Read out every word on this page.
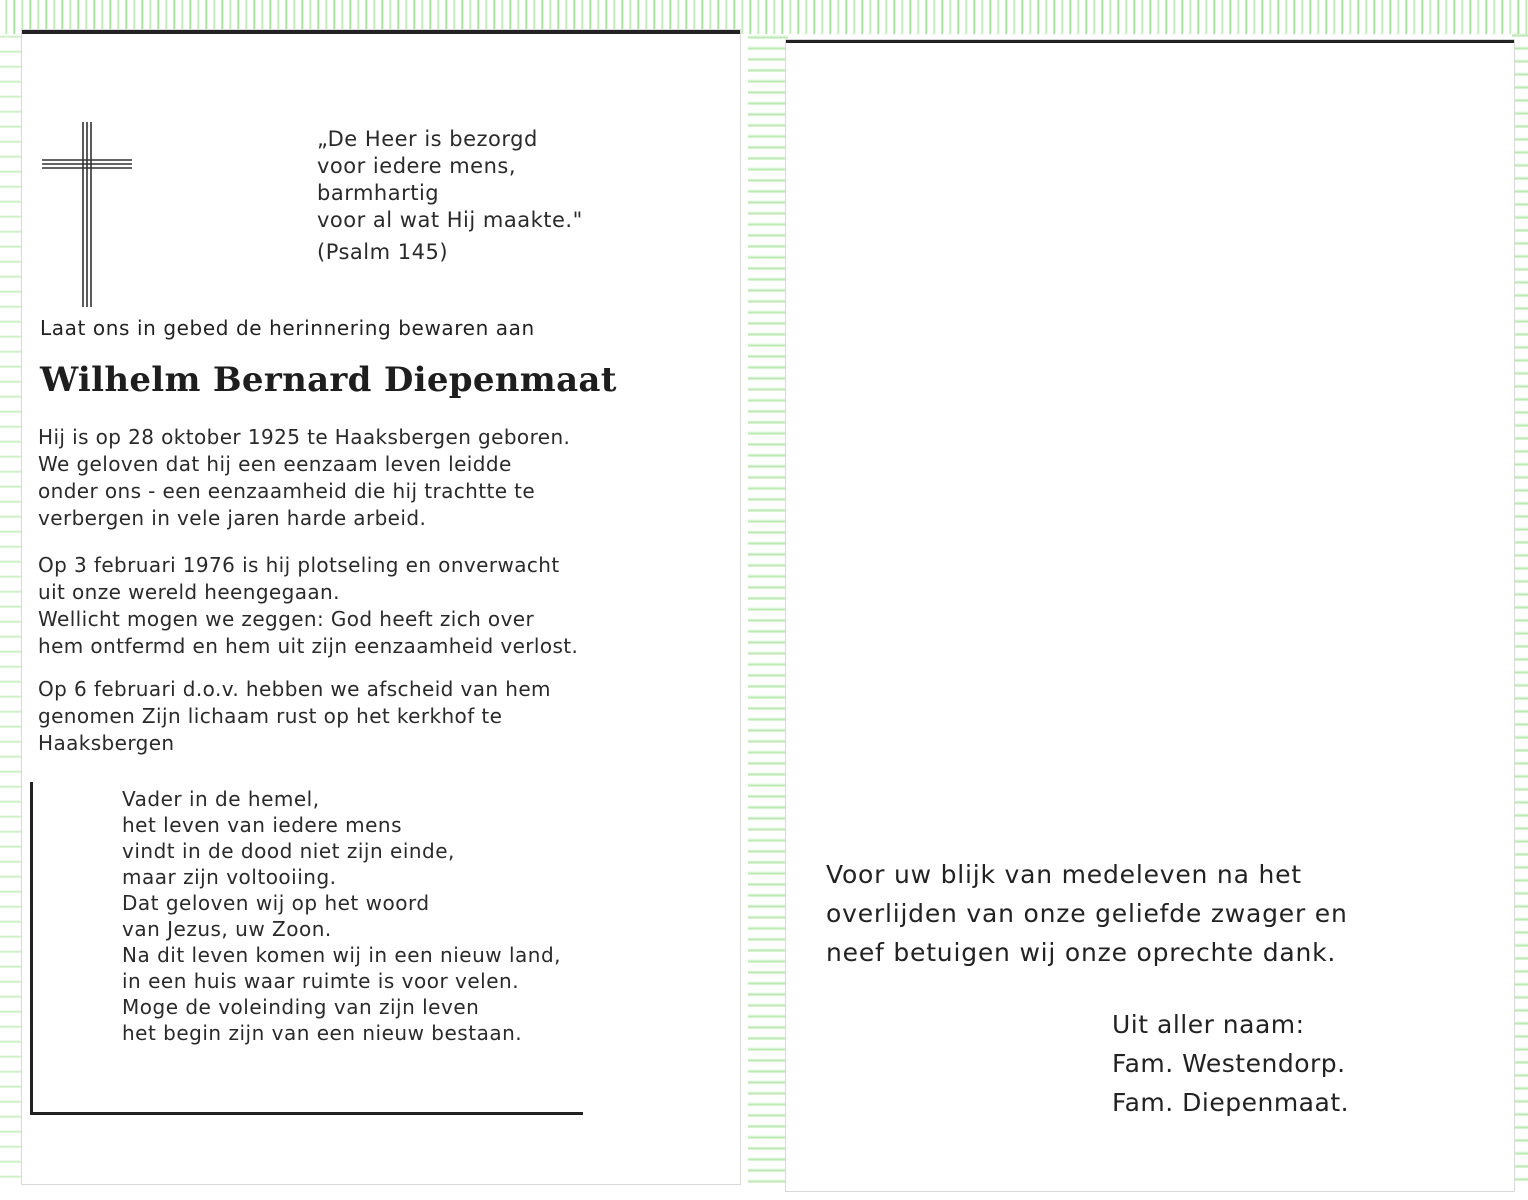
„De Heer is bezorgd
voor iedere mens,
barmhartig
voor al wat Hij maakte."
(Psalm 145)
Laat ons in gebed de herinnering bewaren aan
Wilhelm Bernard Diepenmaat
Hij is op 28 oktober 1925 te Haaksbergen geboren.
We geloven dat hij een eenzaam leven leidde
onder ons - een eenzaamheid die hij trachtte te
verbergen in vele jaren harde arbeid.
Op 3 februari 1976 is hij plotseling en onverwacht
uit onze wereld heengegaan.
Wellicht mogen we zeggen: God heeft zich over
hem ontfermd en hem uit zijn eenzaamheid verlost.
Op 6 februari d.o.v. hebben we afscheid van hem
genomen Zijn lichaam rust op het kerkhof te
Haaksbergen
Vader in de hemel,
het leven van iedere mens
vindt in de dood niet zijn einde,
maar zijn voltooiing.
Dat geloven wij op het woord
van Jezus, uw Zoon.
Na dit leven komen wij in een nieuw land,
in een huis waar ruimte is voor velen.
Moge de voleinding van zijn leven
het begin zijn van een nieuw bestaan.
Voor uw blijk van medeleven na het
overlijden van onze geliefde zwager en
neef betuigen wij onze oprechte dank.
Uit aller naam:
Fam. Westendorp.
Fam. Diepenmaat.
